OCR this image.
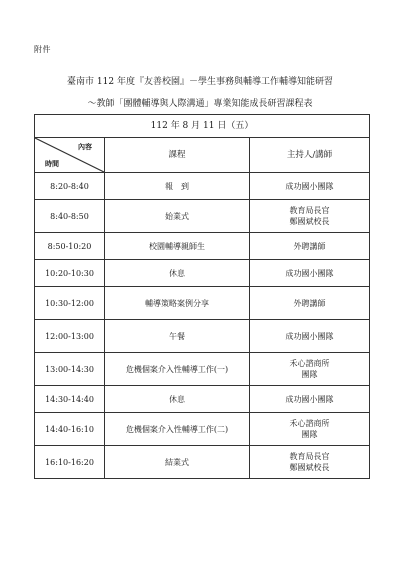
附件
臺南市 112 年度『友善校園』－學生事務與輔導工作輔導知能研習
～教師「團體輔導與人際溝通」專業知能成長研習課程表
112 年 8 月 11 日（五）		

內容
時間	課程	主持人/講師
8:20-8:40	報　到	成功國小團隊

8:40-8:50	始業式	教育局長官
鄭國斌校長

8:50-10:20	校園輔導親師生	外聘講師

10:20-10:30	休息	成功國小團隊

10:30-12:00	輔導策略案例分享	外聘講師

12:00-13:00	午餐	成功國小團隊

13:00-14:30	危機個案介入性輔導工作(一)	禾心諮商所
團隊

14:30-14:40	休息	成功國小團隊

14:40-16:10	危機個案介入性輔導工作(二)	禾心諮商所
團隊

16:10-16:20	結業式	教育局長官
鄭國斌校長
